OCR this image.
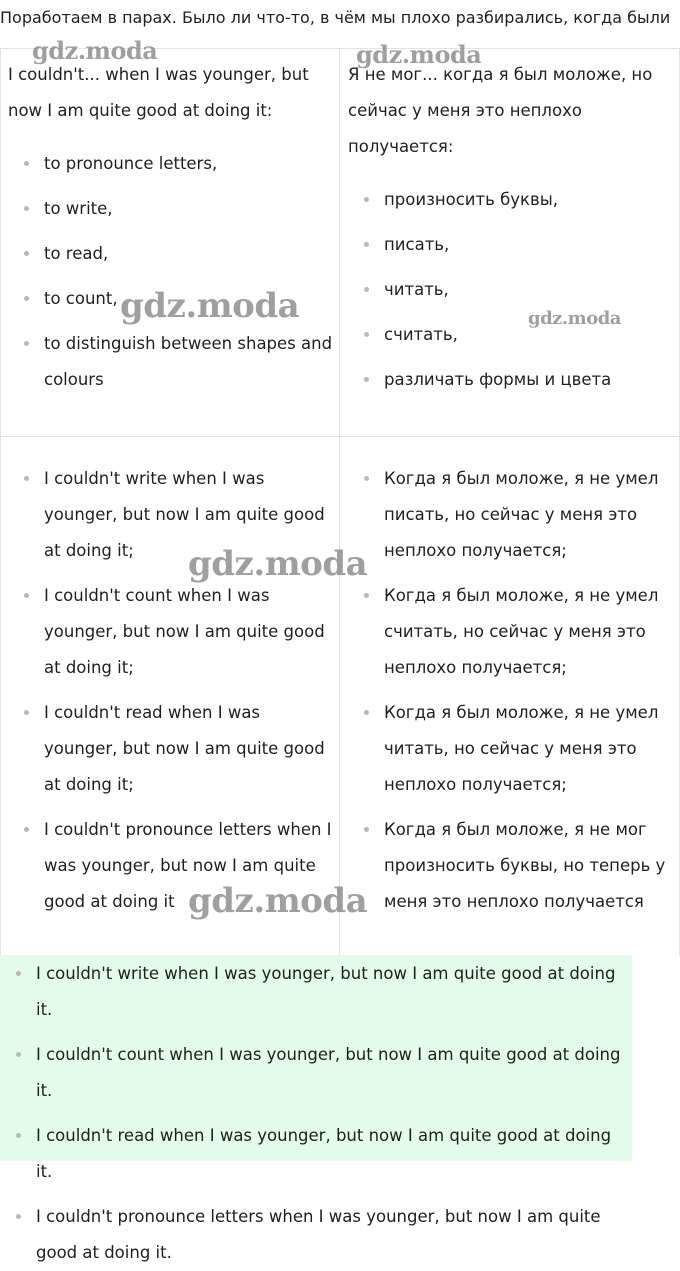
Поработаем в парах. Было ли что-то, в чём мы плохо разбирались, когда были

I couldn't... when I was younger, but now I am quite good at doing it:

to pronounce letters,
to write,
to read,
to count,
to distinguish between shapes and colours

Я не мог... когда я был моложе, но сейчас у меня это неплохо получается:

произносить буквы,
писать,
читать,
считать,
различать формы и цвета
I couldn't write when I was younger, but now I am quite good at doing it;
I couldn't count when I was younger, but now I am quite good at doing it;
I couldn't read when I was younger, but now I am quite good at doing it;
I couldn't pronounce letters when I was younger, but now I am quite good at doing it
Когда я был моложе, я не умел писать, но сейчас у меня это неплохо получается;
Когда я был моложе, я не умел считать, но сейчас у меня это неплохо получается;
Когда я был моложе, я не умел читать, но сейчас у меня это неплохо получается;
Когда я был моложе, я не мог произносить буквы, но теперь у меня это неплохо получается
I couldn't write when I was younger, but now I am quite good at doing it.
I couldn't count when I was younger, but now I am quite good at doing it.
I couldn't read when I was younger, but now I am quite good at doing it.
I couldn't pronounce letters when I was younger, but now I am quite good at doing it.
gdz.moda	gdz.moda
gdz.moda	gdz.moda
gdz.moda
gdz.moda
